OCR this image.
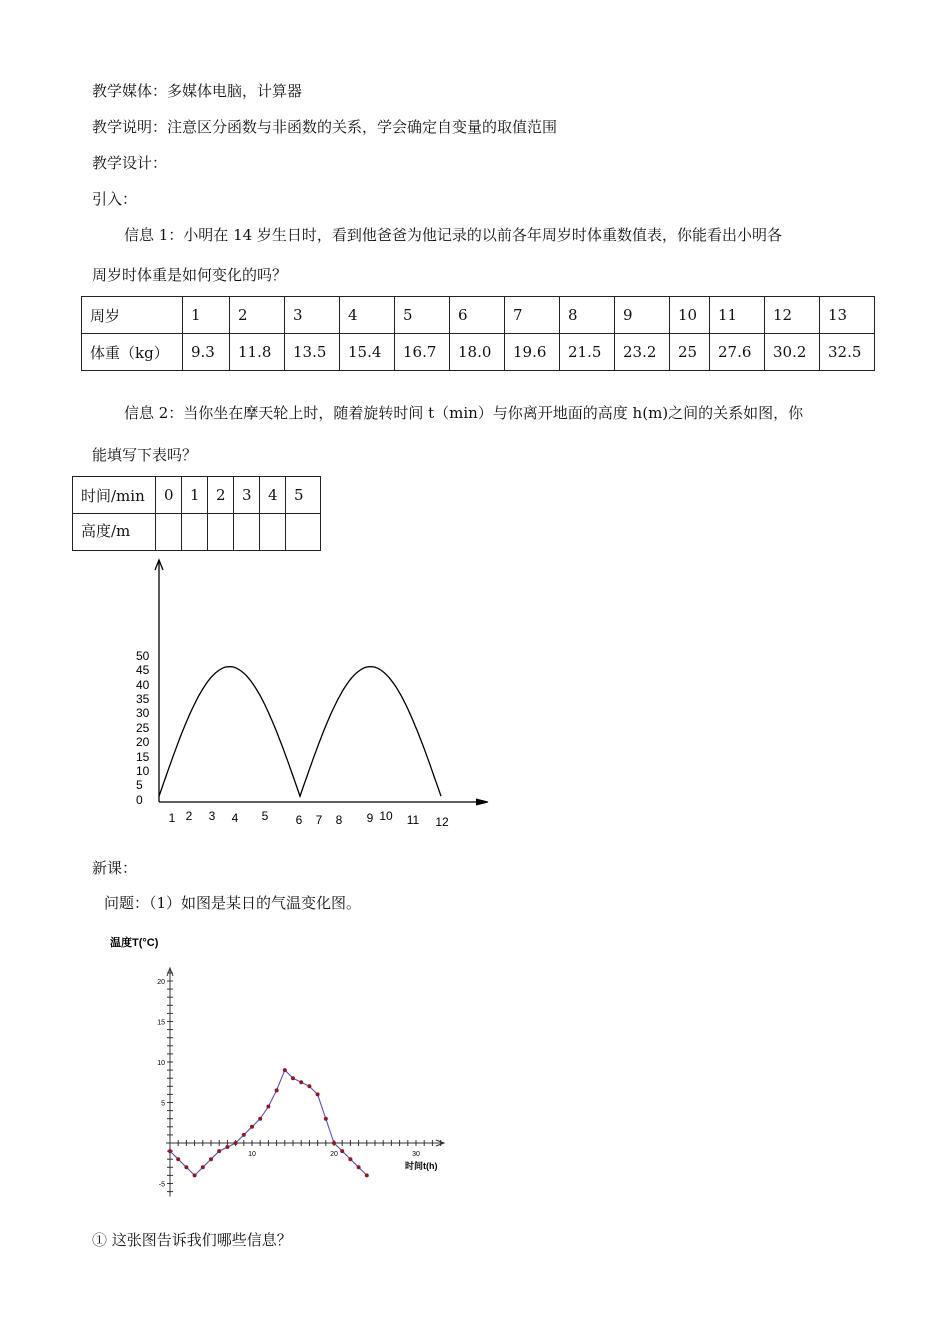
教学媒体：多媒体电脑，计算器
教学说明：注意区分函数与非函数的关系，学会确定自变量的取值范围
教学设计：
引入：
信息 1：小明在 14 岁生日时，看到他爸爸为他记录的以前各年周岁时体重数值表，你能看出小明各
周岁时体重是如何变化的吗？
周岁	1	2	3	4	5	6	7	8	9	10	11	12	13
体重（kg）	9.3	11.8	13.5	15.4	16.7	18.0	19.6	21.5	23.2	25	27.6	30.2	32.5
信息 2：当你坐在摩天轮上时，随着旋转时间 t（min）与你离开地面的高度 h(m)之间的关系如图，你
能填写下表吗？
时间/min	0	1	2	3	4	5
高度/m						
50
45
40
35
30
25
20
15
10
5
0
1 2 3 4 5 6 7 8 9 10 11 12
新课：
问题：（1）如图是某日的气温变化图。
温度T(°C)
20
15
10
5
-5
10	20	30
时间t(h)
① 这张图告诉我们哪些信息？
